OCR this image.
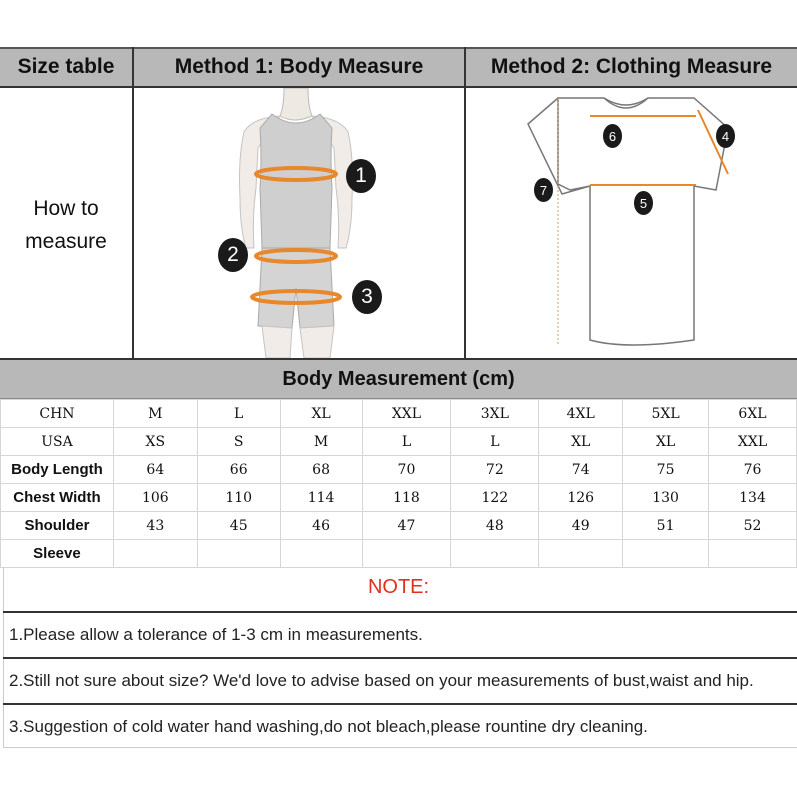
Size table	Method 1: Body Measure	Method 2: Clothing Measure
How to
measure
1
2
3
6	4
7
5
Body Measurement (cm)
CHN	M	L	XL	XXL	3XL	4XL	5XL	6XL
USA	XS	S	M	L	L	XL	XL	XXL
Body Length	64	66	68	70	72	74	75	76
Chest Width	106	110	114	118	122	126	130	134
Shoulder	43	45	46	47	48	49	51	52
Sleeve								
NOTE:
1.Please allow a tolerance of 1-3 cm in measurements.
2.Still not sure about size? We'd love to advise based on your measurements of bust,waist and hip.
3.Suggestion of cold water hand washing,do not bleach,please rountine dry cleaning.
